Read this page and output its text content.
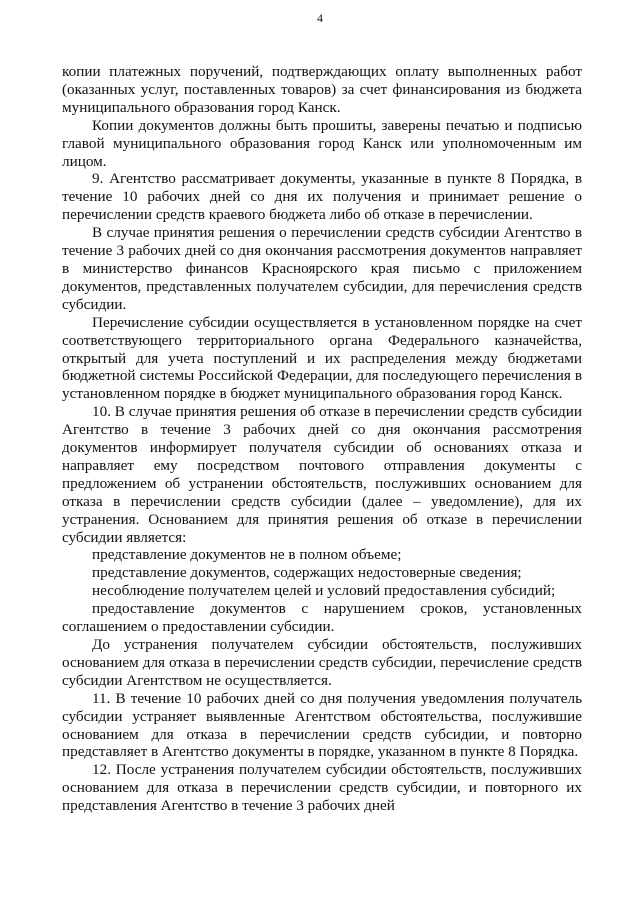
4

копии платежных поручений, подтверждающих оплату выполненных работ (оказанных услуг, поставленных товаров) за счет финансирования из бюджета муниципального образования город Канск.

Копии документов должны быть прошиты, заверены печатью и подписью главой муниципального образования город Канск или уполномоченным им лицом.

9. Агентство рассматривает документы, указанные в пункте 8 Порядка, в течение 10 рабочих дней со дня их получения и принимает решение о перечислении средств краевого бюджета либо об отказе в перечислении.

В случае принятия решения о перечислении средств субсидии Агентство в течение 3 рабочих дней со дня окончания рассмотрения документов направляет в министерство финансов Красноярского края письмо с приложением документов, представленных получателем субсидии, для перечисления средств субсидии.

Перечисление субсидии осуществляется в установленном порядке на счет соответствующего территориального органа Федерального казначейства, открытый для учета поступлений и их распределения между бюджетами бюджетной системы Российской Федерации, для последующего перечисления в установленном порядке в бюджет муниципального образования город Канск.

10. В случае принятия решения об отказе в перечислении средств субсидии Агентство в течение 3 рабочих дней со дня окончания рассмотрения документов информирует получателя субсидии об основаниях отказа и направляет ему посредством почтового отправления документы с предложением об устранении обстоятельств, послуживших основанием для отказа в перечислении средств субсидии (далее – уведомление), для их устранения. Основанием для принятия решения об отказе в перечислении субсидии является:

представление документов не в полном объеме;

представление документов, содержащих недостоверные сведения;

несоблюдение получателем целей и условий предоставления субсидий;

предоставление документов с нарушением сроков, установленных соглашением о предоставлении субсидии.

До устранения получателем субсидии обстоятельств, послуживших основанием для отказа в перечислении средств субсидии, перечисление средств субсидии Агентством не осуществляется.

11. В течение 10 рабочих дней со дня получения уведомления получатель субсидии устраняет выявленные Агентством обстоятельства, послужившие основанием для отказа в перечислении средств субсидии, и повторно представляет в Агентство документы в порядке, указанном в пункте 8 Порядка.

12. После устранения получателем субсидии обстоятельств, послуживших основанием для отказа в перечислении средств субсидии, и повторного их представления Агентство в течение 3 рабочих дней
